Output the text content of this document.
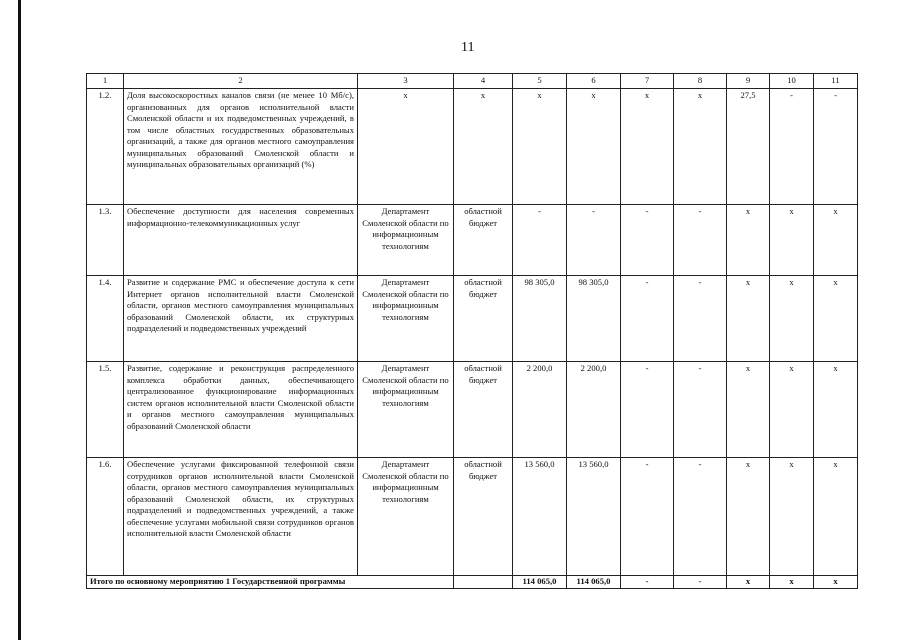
11
1	2	3	4	5	6	7	8	9	10	11
1.2.	Доля высокоскоростных каналов связи (не менее 10 Мб/с), организованных для органов исполнительной власти Смоленской области и их подведомственных учреждений, в том числе областных государственных образовательных организаций, а также для органов местного самоуправления муниципальных образований Смоленской области и муниципальных образовательных организаций (%)	х	х	х	х	х	х	27,5	-	-
1.3.	Обеспечение доступности для населения современных информационно-телекоммуникационных услуг	Департамент Смоленской области по информационным технологиям	областной бюджет	-	-	-	-	х	х	х
1.4.	Развитие и содержание РМС и обеспечение доступа к сети Интернет органов исполнительной власти Смоленской области, органов местного самоуправления муниципальных образований Смоленской области, их структурных подразделений и подведомственных учреждений	Департамент Смоленской области по информационным технологиям	областной бюджет	98 305,0	98 305,0	-	-	х	х	х
1.5.	Развитие, содержание и реконструкция распределенного комплекса обработки данных, обеспечивающего централизованное функционирование информационных систем органов исполнительной власти Смоленской области и органов местного самоуправления муниципальных образований Смоленской области	Департамент Смоленской области по информационным технологиям	областной бюджет	2 200,0	2 200,0	-	-	х	х	х
1.6.	Обеспечение услугами фиксированной телефонной связи сотрудников органов исполнительной власти Смоленской области, органов местного самоуправления муниципальных образований Смоленской области, их структурных подразделений и подведомственных учреждений, а также обеспечение услугами мобильной связи сотрудников органов исполнительной власти Смоленской области	Департамент Смоленской области по информационным технологиям	областной бюджет	13 560,0	13 560,0	-	-	х	х	х
Итого по основному мероприятию 1 Государственной программы				114 065,0	114 065,0	-	-	х	х	х
